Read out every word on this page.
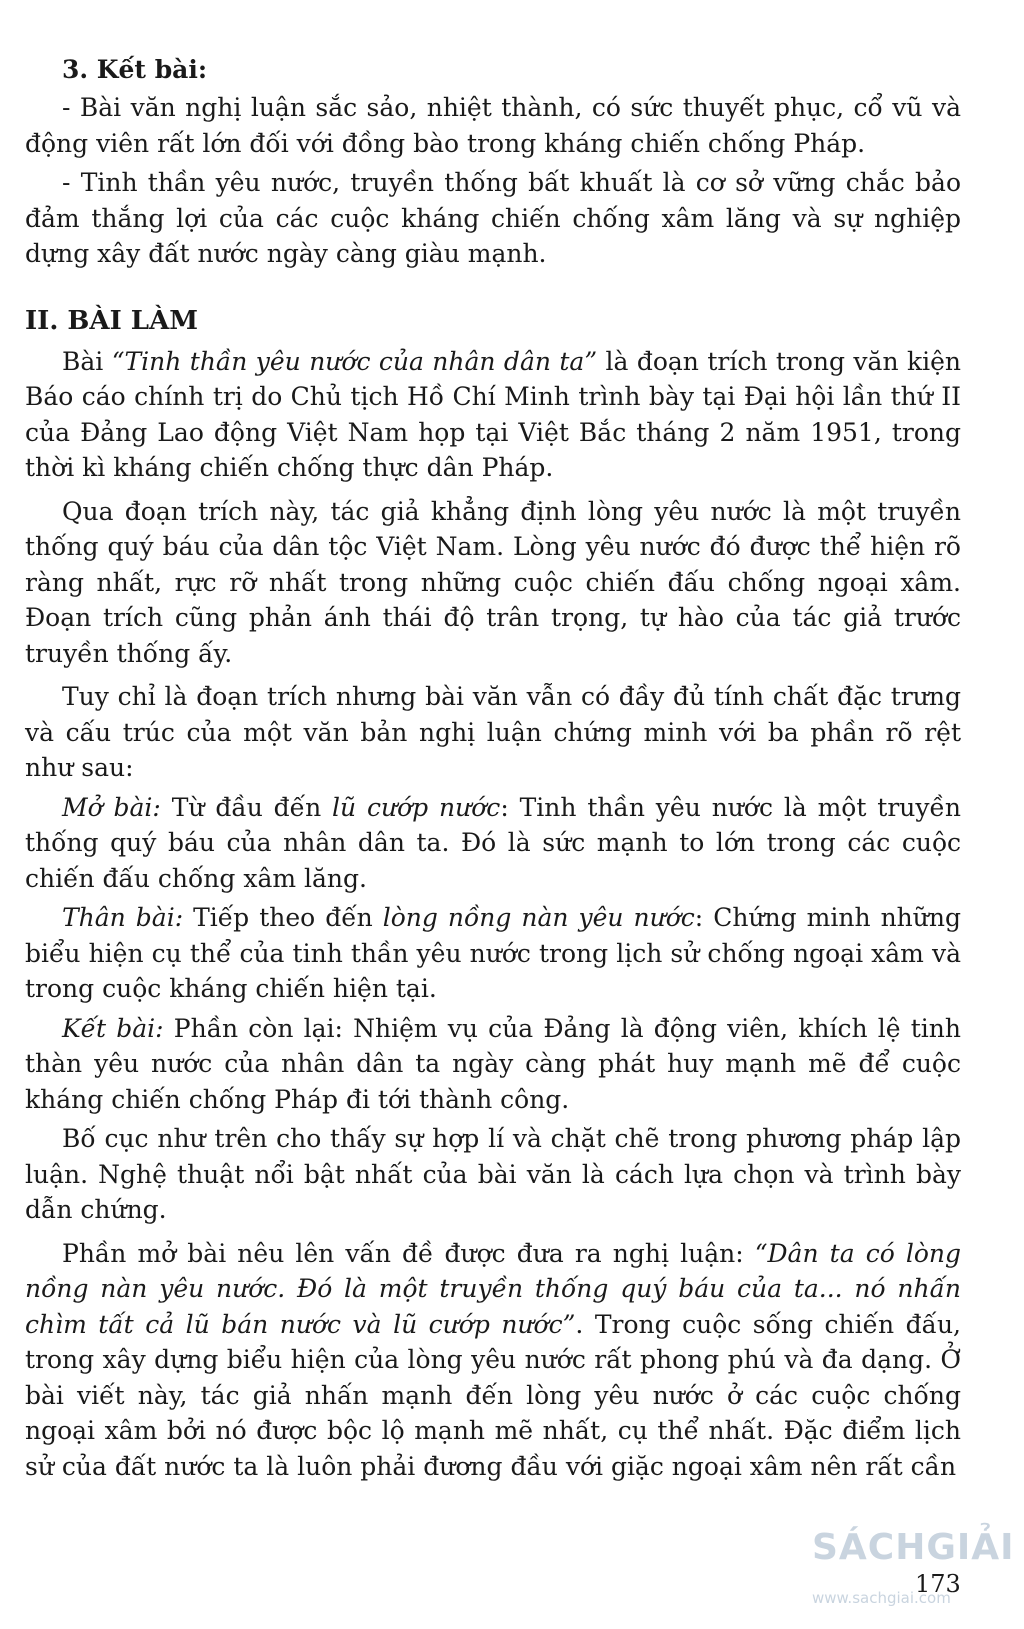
3. Kết bài:

- Bài văn nghị luận sắc sảo, nhiệt thành, có sức thuyết phục, cổ vũ và động viên rất lớn đối với đồng bào trong kháng chiến chống Pháp.

- Tinh thần yêu nước, truyền thống bất khuất là cơ sở vững chắc bảo đảm thắng lợi của các cuộc kháng chiến chống xâm lăng và sự nghiệp dựng xây đất nước ngày càng giàu mạnh.

II. BÀI LÀM

Bài “Tinh thần yêu nước của nhân dân ta” là đoạn trích trong văn kiện Báo cáo chính trị do Chủ tịch Hồ Chí Minh trình bày tại Đại hội lần thứ II của Đảng Lao động Việt Nam họp tại Việt Bắc tháng 2 năm 1951, trong thời kì kháng chiến chống thực dân Pháp.

Qua đoạn trích này, tác giả khẳng định lòng yêu nước là một truyền thống quý báu của dân tộc Việt Nam. Lòng yêu nước đó được thể hiện rõ ràng nhất, rực rỡ nhất trong những cuộc chiến đấu chống ngoại xâm. Đoạn trích cũng phản ánh thái độ trân trọng, tự hào của tác giả trước truyền thống ấy.

Tuy chỉ là đoạn trích nhưng bài văn vẫn có đầy đủ tính chất đặc trưng và cấu trúc của một văn bản nghị luận chứng minh với ba phần rõ rệt như sau:

Mở bài: Từ đầu đến lũ cướp nước: Tinh thần yêu nước là một truyền thống quý báu của nhân dân ta. Đó là sức mạnh to lớn trong các cuộc chiến đấu chống xâm lăng.

Thân bài: Tiếp theo đến lòng nồng nàn yêu nước: Chứng minh những biểu hiện cụ thể của tinh thần yêu nước trong lịch sử chống ngoại xâm và trong cuộc kháng chiến hiện tại.

Kết bài: Phần còn lại: Nhiệm vụ của Đảng là động viên, khích lệ tinh thàn yêu nước của nhân dân ta ngày càng phát huy mạnh mẽ để cuộc kháng chiến chống Pháp đi tới thành công.

Bố cục như trên cho thấy sự hợp lí và chặt chẽ trong phương pháp lập luận. Nghệ thuật nổi bật nhất của bài văn là cách lựa chọn và trình bày dẫn chứng.

Phần mở bài nêu lên vấn đề được đưa ra nghị luận: “Dân ta có lòng nồng nàn yêu nước. Đó là một truyền thống quý báu của ta... nó nhấn chìm tất cả lũ bán nước và lũ cướp nước”. Trong cuộc sống chiến đấu, trong xây dựng biểu hiện của lòng yêu nước rất phong phú và đa dạng. Ở bài viết này, tác giả nhấn mạnh đến lòng yêu nước ở các cuộc chống ngoại xâm bởi nó được bộc lộ mạnh mẽ nhất, cụ thể nhất. Đặc điểm lịch sử của đất nước ta là luôn phải đương đầu với giặc ngoại xâm nên rất cần

SÁCHGIẢI
www.sachgiai.com
173
